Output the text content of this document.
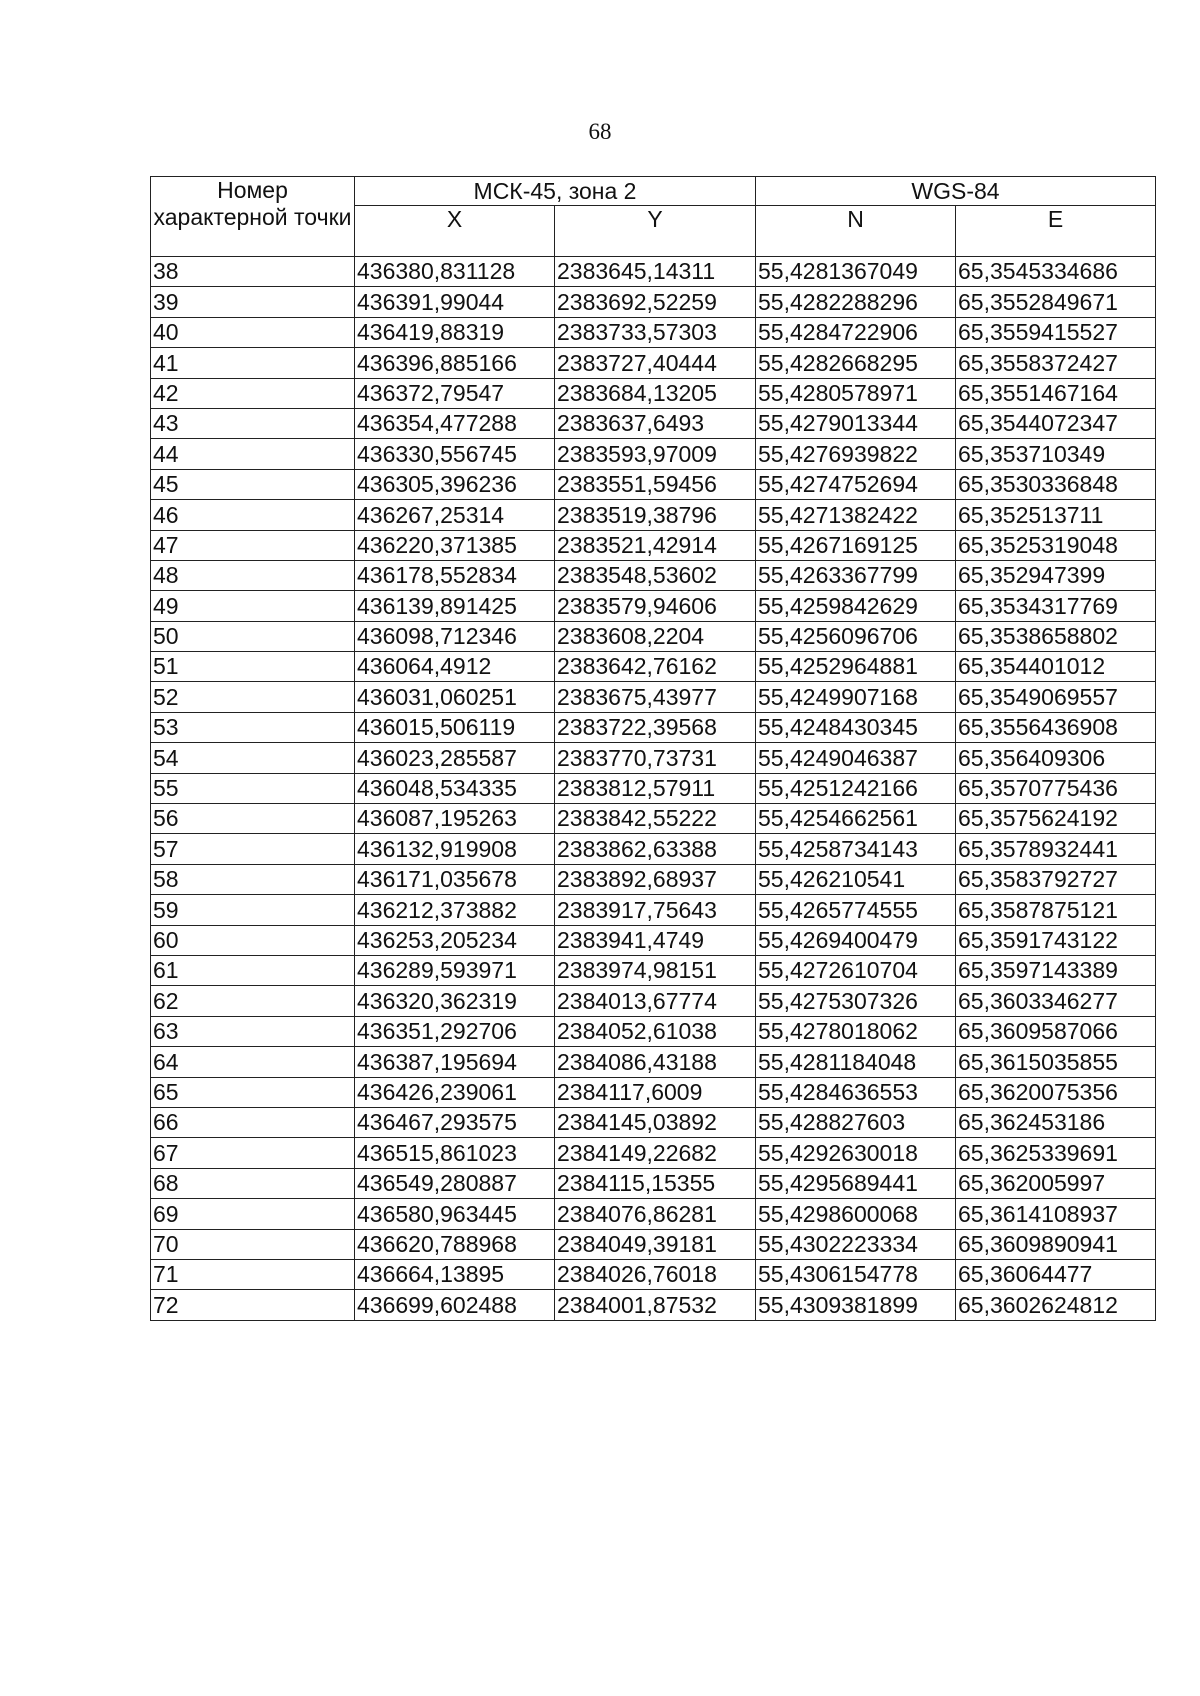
68
Номер характерной точки	МСК-45, зона 2		WGS-84	
	X	Y	N	E
38	436380,831128	2383645,14311	55,4281367049	65,3545334686
39	436391,99044	2383692,52259	55,4282288296	65,3552849671
40	436419,88319	2383733,57303	55,4284722906	65,3559415527
41	436396,885166	2383727,40444	55,4282668295	65,3558372427
42	436372,79547	2383684,13205	55,4280578971	65,3551467164
43	436354,477288	2383637,6493	55,4279013344	65,3544072347
44	436330,556745	2383593,97009	55,4276939822	65,353710349
45	436305,396236	2383551,59456	55,4274752694	65,3530336848
46	436267,25314	2383519,38796	55,4271382422	65,352513711
47	436220,371385	2383521,42914	55,4267169125	65,3525319048
48	436178,552834	2383548,53602	55,4263367799	65,352947399
49	436139,891425	2383579,94606	55,4259842629	65,3534317769
50	436098,712346	2383608,2204	55,4256096706	65,3538658802
51	436064,4912	2383642,76162	55,4252964881	65,354401012
52	436031,060251	2383675,43977	55,4249907168	65,3549069557
53	436015,506119	2383722,39568	55,4248430345	65,3556436908
54	436023,285587	2383770,73731	55,4249046387	65,356409306
55	436048,534335	2383812,57911	55,4251242166	65,3570775436
56	436087,195263	2383842,55222	55,4254662561	65,3575624192
57	436132,919908	2383862,63388	55,4258734143	65,3578932441
58	436171,035678	2383892,68937	55,426210541	65,3583792727
59	436212,373882	2383917,75643	55,4265774555	65,3587875121
60	436253,205234	2383941,4749	55,4269400479	65,3591743122
61	436289,593971	2383974,98151	55,4272610704	65,3597143389
62	436320,362319	2384013,67774	55,4275307326	65,3603346277
63	436351,292706	2384052,61038	55,4278018062	65,3609587066
64	436387,195694	2384086,43188	55,4281184048	65,3615035855
65	436426,239061	2384117,6009	55,4284636553	65,3620075356
66	436467,293575	2384145,03892	55,428827603	65,362453186
67	436515,861023	2384149,22682	55,4292630018	65,3625339691
68	436549,280887	2384115,15355	55,4295689441	65,362005997
69	436580,963445	2384076,86281	55,4298600068	65,3614108937
70	436620,788968	2384049,39181	55,4302223334	65,3609890941
71	436664,13895	2384026,76018	55,4306154778	65,36064477
72	436699,602488	2384001,87532	55,4309381899	65,3602624812
